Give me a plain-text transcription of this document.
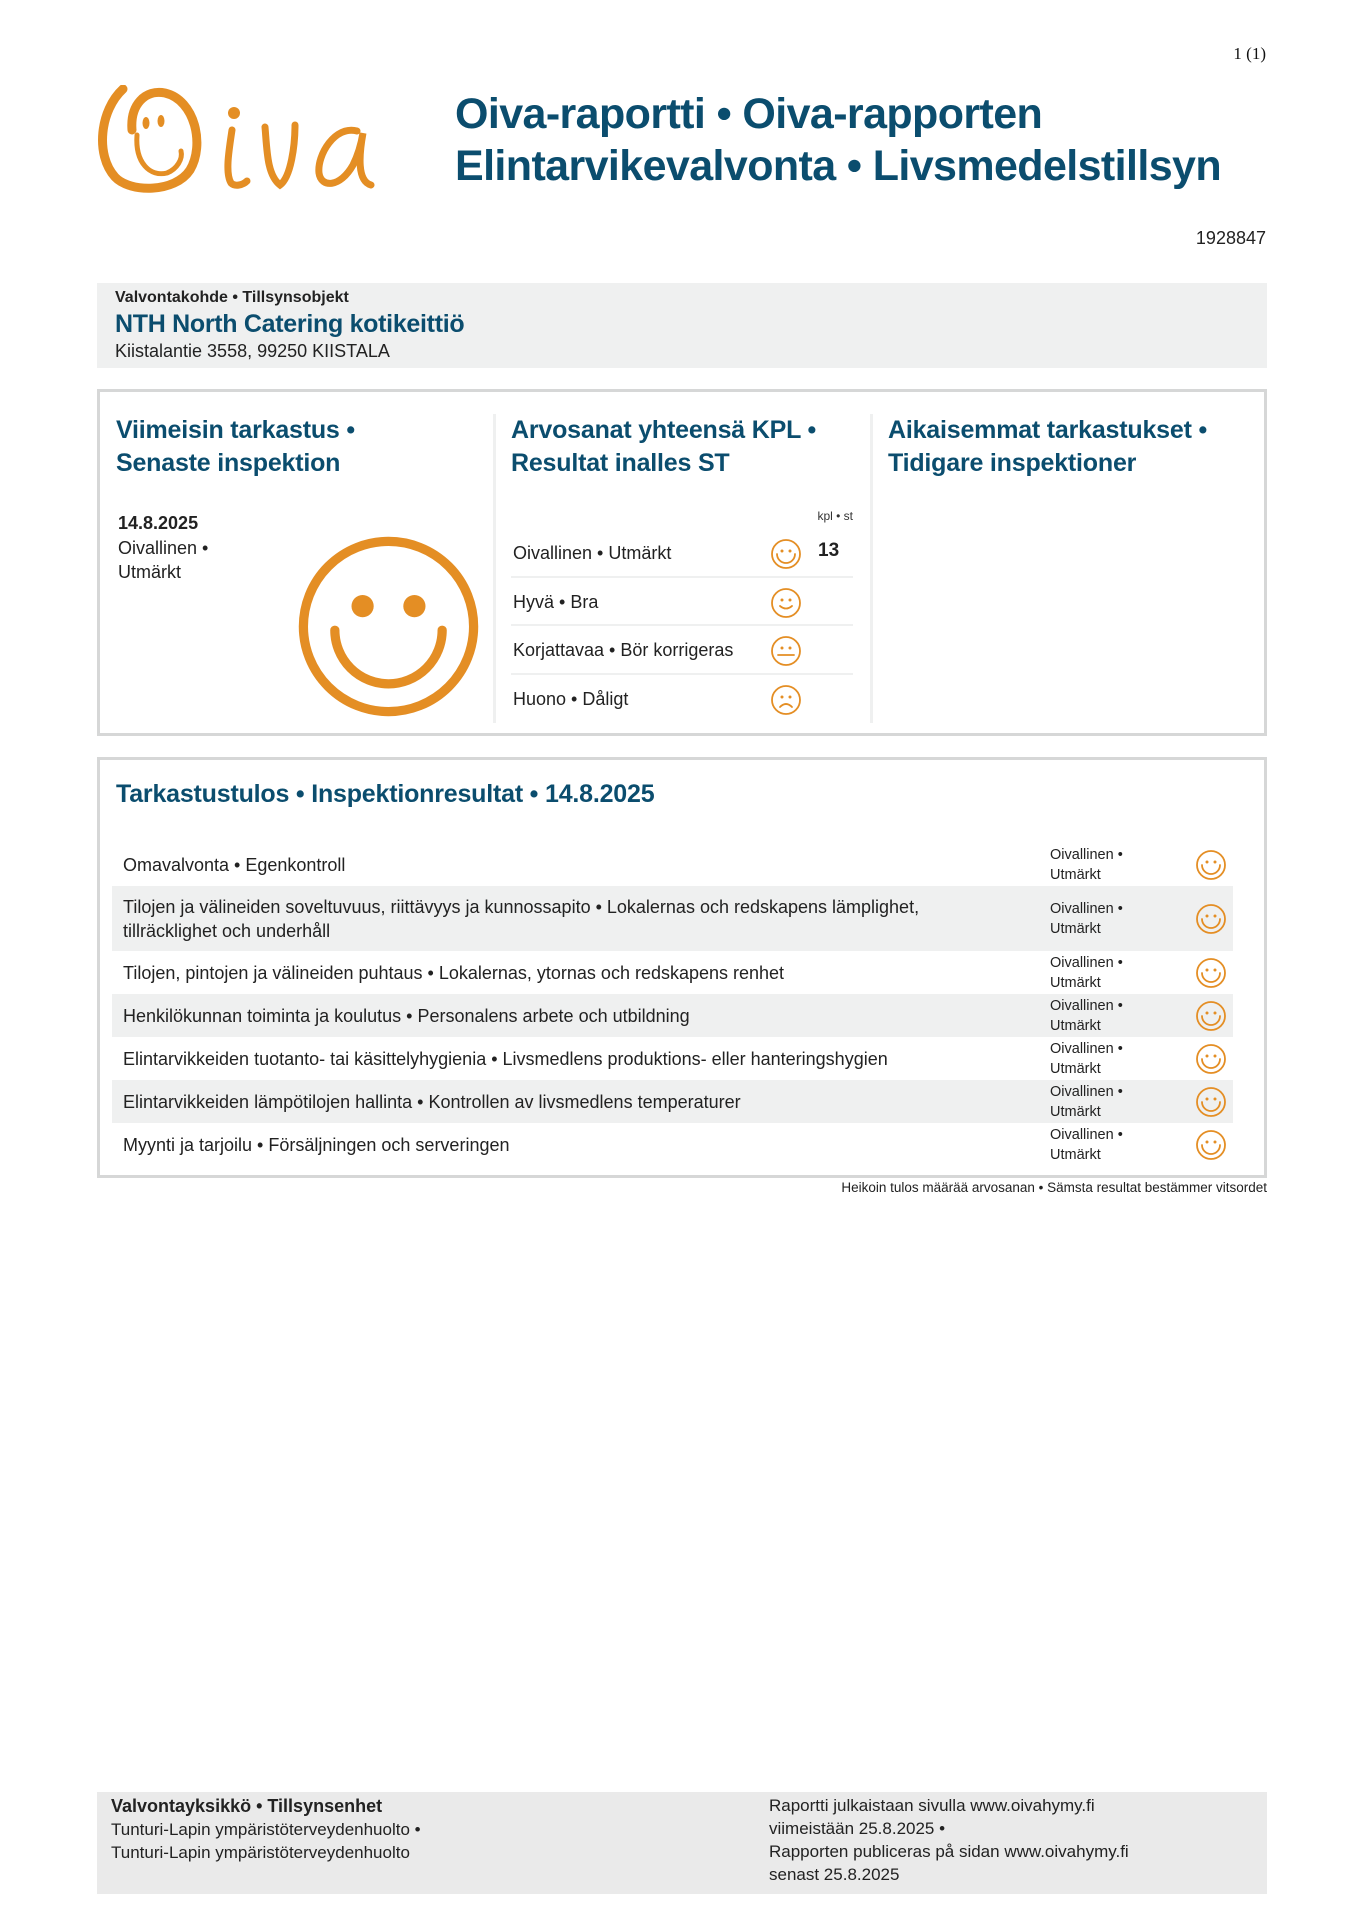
1 (1)
Oiva-raportti • Oiva-rapporten
Elintarvikevalvonta • Livsmedelstillsyn
1928847
Valvontakohde • Tillsynsobjekt
NTH North Catering kotikeittiö
Kiistalantie 3558, 99250 KIISTALA
Viimeisin tarkastus •
Senaste inspektion
14.8.2025
Oivallinen •
Utmärkt
Arvosanat yhteensä KPL •
Resultat inalles ST
kpl • st
Oivallinen • Utmärkt	13
Hyvä • Bra
Korjattavaa • Bör korrigeras
Huono • Dåligt
Aikaisemmat tarkastukset •
Tidigare inspektioner
Tarkastustulos • Inspektionresultat • 14.8.2025
Omavalvonta • Egenkontroll	Oivallinen •
Utmärkt
Tilojen ja välineiden soveltuvuus, riittävyys ja kunnossapito • Lokalernas och redskapens lämplighet, tillräcklighet och underhåll
Oivallinen •
Utmärkt
Tilojen, pintojen ja välineiden puhtaus • Lokalernas, ytornas och redskapens renhet	Oivallinen •
Utmärkt
Henkilökunnan toiminta ja koulutus • Personalens arbete och utbildning	Oivallinen •
Utmärkt
Elintarvikkeiden tuotanto- tai käsittelyhygienia • Livsmedlens produktions- eller hanteringshygien	Oivallinen •
Utmärkt
Elintarvikkeiden lämpötilojen hallinta • Kontrollen av livsmedlens temperaturer	Oivallinen •
Utmärkt
Myynti ja tarjoilu • Försäljningen och serveringen	Oivallinen •
Utmärkt
Heikoin tulos määrää arvosanan • Sämsta resultat bestämmer vitsordet
Valvontayksikkö • Tillsynsenhet
Tunturi-Lapin ympäristöterveydenhuolto •
Tunturi-Lapin ympäristöterveydenhuolto
Raportti julkaistaan sivulla www.oivahymy.fi
viimeistään 25.8.2025 •
Rapporten publiceras på sidan www.oivahymy.fi
senast 25.8.2025
